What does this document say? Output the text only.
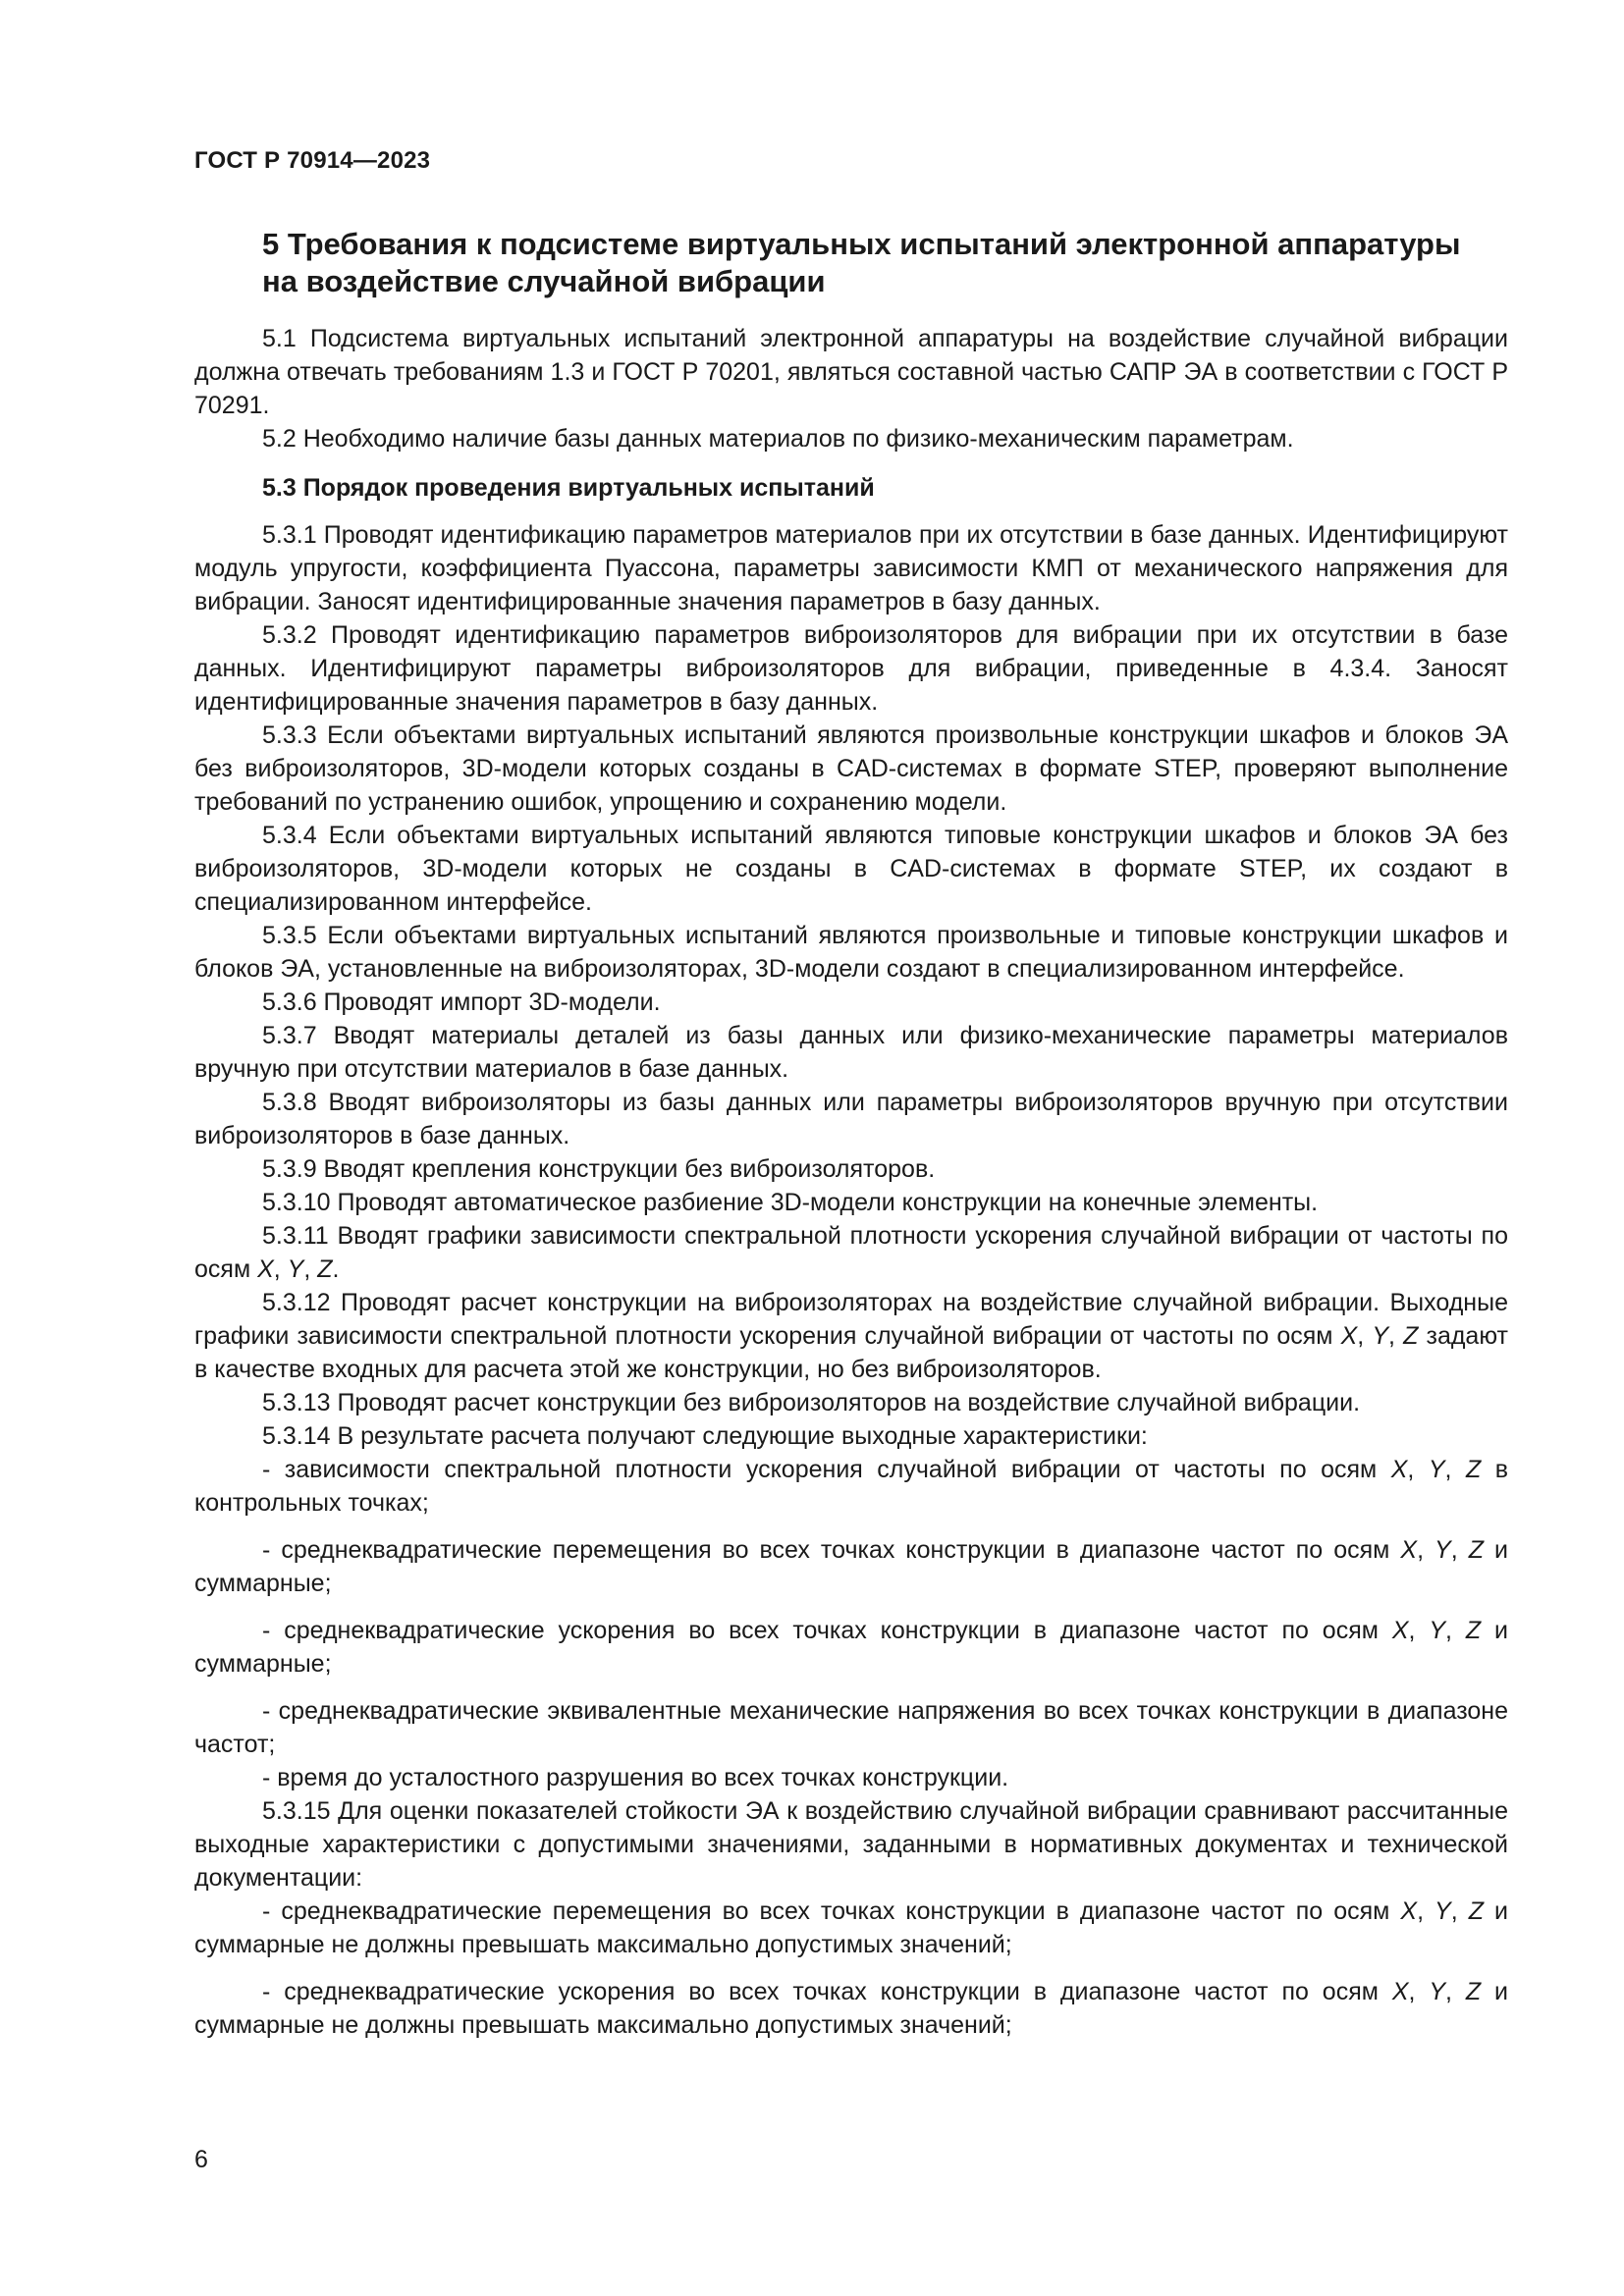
ГОСТ Р 70914—2023
5 Требования к подсистеме виртуальных испытаний электронной аппаратуры на воздействие случайной вибрации

5.1 Подсистема виртуальных испытаний электронной аппаратуры на воздействие случайной вибрации должна отвечать требованиям 1.3 и ГОСТ Р 70201, являться составной частью САПР ЭА в соответствии с ГОСТ Р 70291.

5.2 Необходимо наличие базы данных материалов по физико-механическим параметрам.

5.3 Порядок проведения виртуальных испытаний

5.3.1 Проводят идентификацию параметров материалов при их отсутствии в базе данных. Идентифицируют модуль упругости, коэффициента Пуассона, параметры зависимости КМП от механического напряжения для вибрации. Заносят идентифицированные значения параметров в базу данных.

5.3.2 Проводят идентификацию параметров виброизоляторов для вибрации при их отсутствии в базе данных. Идентифицируют параметры виброизоляторов для вибрации, приведенные в 4.3.4. Заносят идентифицированные значения параметров в базу данных.

5.3.3 Если объектами виртуальных испытаний являются произвольные конструкции шкафов и блоков ЭА без виброизоляторов, 3D-модели которых созданы в CAD-системах в формате STEP, проверяют выполнение требований по устранению ошибок, упрощению и сохранению модели.

5.3.4 Если объектами виртуальных испытаний являются типовые конструкции шкафов и блоков ЭА без виброизоляторов, 3D-модели которых не созданы в CAD-системах в формате STEP, их создают в специализированном интерфейсе.

5.3.5 Если объектами виртуальных испытаний являются произвольные и типовые конструкции шкафов и блоков ЭА, установленные на виброизоляторах, 3D-модели создают в специализированном интерфейсе.

5.3.6 Проводят импорт 3D-модели.

5.3.7 Вводят материалы деталей из базы данных или физико-механические параметры материалов вручную при отсутствии материалов в базе данных.

5.3.8 Вводят виброизоляторы из базы данных или параметры виброизоляторов вручную при отсутствии виброизоляторов в базе данных.

5.3.9 Вводят крепления конструкции без виброизоляторов.

5.3.10 Проводят автоматическое разбиение 3D-модели конструкции на конечные элементы.

5.3.11 Вводят графики зависимости спектральной плотности ускорения случайной вибрации от частоты по осям X, Y, Z.

5.3.12 Проводят расчет конструкции на виброизоляторах на воздействие случайной вибрации. Выходные графики зависимости спектральной плотности ускорения случайной вибрации от частоты по осям X, Y, Z задают в качестве входных для расчета этой же конструкции, но без виброизоляторов.

5.3.13 Проводят расчет конструкции без виброизоляторов на воздействие случайной вибрации.

5.3.14 В результате расчета получают следующие выходные характеристики:

- зависимости спектральной плотности ускорения случайной вибрации от частоты по осям X, Y, Z в контрольных точках;

- среднеквадратические перемещения во всех точках конструкции в диапазоне частот по осям X, Y, Z и суммарные;

- среднеквадратические ускорения во всех точках конструкции в диапазоне частот по осям X, Y, Z и суммарные;

- среднеквадратические эквивалентные механические напряжения во всех точках конструкции в диапазоне частот;

- время до усталостного разрушения во всех точках конструкции.

5.3.15 Для оценки показателей стойкости ЭА к воздействию случайной вибрации сравнивают рассчитанные выходные характеристики с допустимыми значениями, заданными в нормативных документах и технической документации:

- среднеквадратические перемещения во всех точках конструкции в диапазоне частот по осям X, Y, Z и суммарные не должны превышать максимально допустимых значений;

- среднеквадратические ускорения во всех точках конструкции в диапазоне частот по осям X, Y, Z и суммарные не должны превышать максимально допустимых значений;

6
